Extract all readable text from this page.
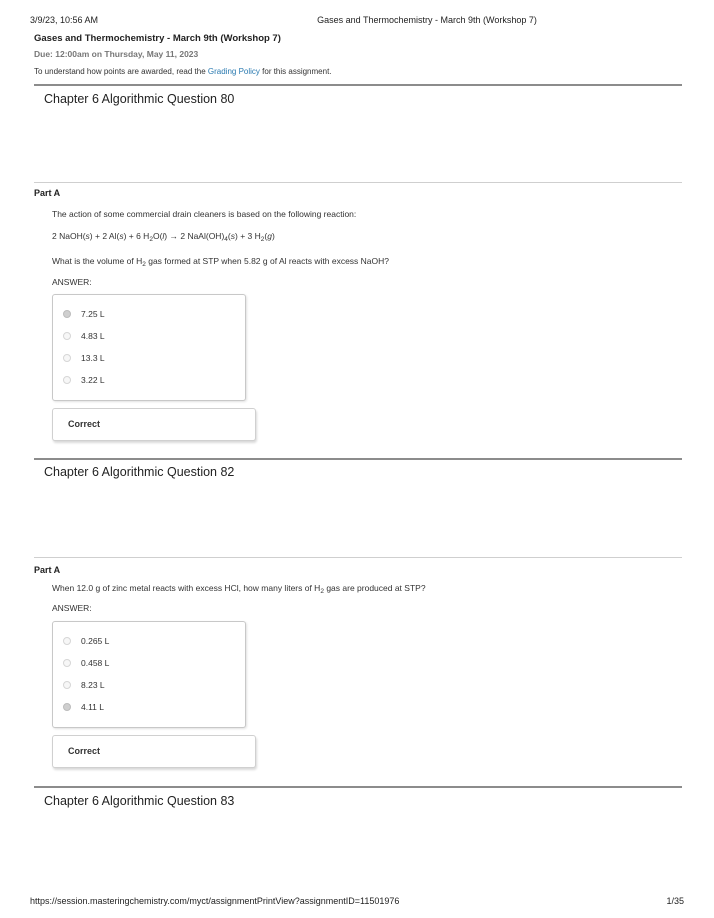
3/9/23, 10:56 AM	Gases and Thermochemistry - March 9th (Workshop 7)
Gases and Thermochemistry - March 9th (Workshop 7)
Due: 12:00am on Thursday, May 11, 2023
To understand how points are awarded, read the Grading Policy for this assignment.
Chapter 6 Algorithmic Question 80
Part A
The action of some commercial drain cleaners is based on the following reaction:
2 NaOH(s) + 2 Al(s) + 6 $H_2O(l) \to 2$ $NaAl(OH)_4(s) + 3$ $H_2(g)$
What is the volume of $H_2$ gas formed at STP when 5.82 g of Al reacts with excess NaOH?
ANSWER:
7.25 L
4.83 L
13.3 L
3.22 L
Correct
Chapter 6 Algorithmic Question 82
Part A
When 12.0 g of zinc metal reacts with excess HCl, how many liters of $H_2$ gas are produced at STP?
ANSWER:
0.265 L
0.458 L
8.23 L
4.11 L
Correct
Chapter 6 Algorithmic Question 83
https://session.masteringchemistry.com/myct/assignmentPrintView?assignmentID=11501976	1/35
